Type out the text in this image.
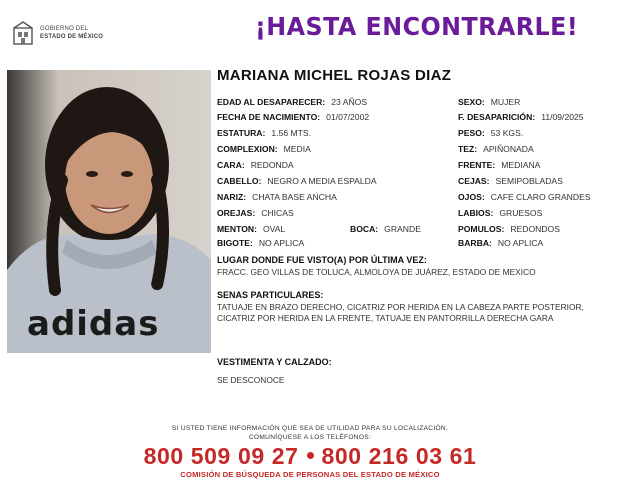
GOBIERNO DEL
ESTADO DE MÉXICO	¡HASTA ENCONTRARLE!
adidas
MARIANA MICHEL ROJAS DIAZ
EDAD AL DESAPARECER: 23 AÑOS
FECHA DE NACIMIENTO: 01/07/2002
ESTATURA: 1.56 MTS.
COMPLEXION: MEDIA
CARA: REDONDA
CABELLO: NEGRO A MEDIA ESPALDA
NARIZ: CHATA BASE ANCHA
OREJAS: CHICAS
MENTON: OVAL	BOCA: GRANDE
BIGOTE: NO APLICA
SEXO: MUJER
F. DESAPARICIÓN: 11/09/2025
PESO: 53 KGS.
TEZ: APIÑONADA
FRENTE: MEDIANA
CEJAS: SEMIPOBLADAS
OJOS: CAFE CLARO GRANDES
LABIOS: GRUESOS
POMULOS: REDONDOS
BARBA: NO APLICA
LUGAR DONDE FUE VISTO(A) POR ÚLTIMA VEZ:
FRACC. GEO VILLAS DE TOLUCA, ALMOLOYA DE JUÁREZ, ESTADO DE MEXICO
SENAS PARTICULARES:
TATUAJE EN BRAZO DERECHO, CICATRIZ POR HERIDA EN LA CABEZA PARTE POSTERIOR, CICATRIZ POR HERIDA EN LA FRENTE, TATUAJE EN PANTORRILLA DERECHA GARA
VESTIMENTA Y CALZADO:
SE DESCONOCE
SI USTED TIENE INFORMACIÓN QUE SEA DE UTILIDAD PARA SU LOCALIZACIÓN,
COMUNÍQUESE A LOS TELÉFONOS:
800 509 09 27 800 216 03 61
COMISIÓN DE BÚSQUEDA DE PERSONAS DEL ESTADO DE MÉXICO
